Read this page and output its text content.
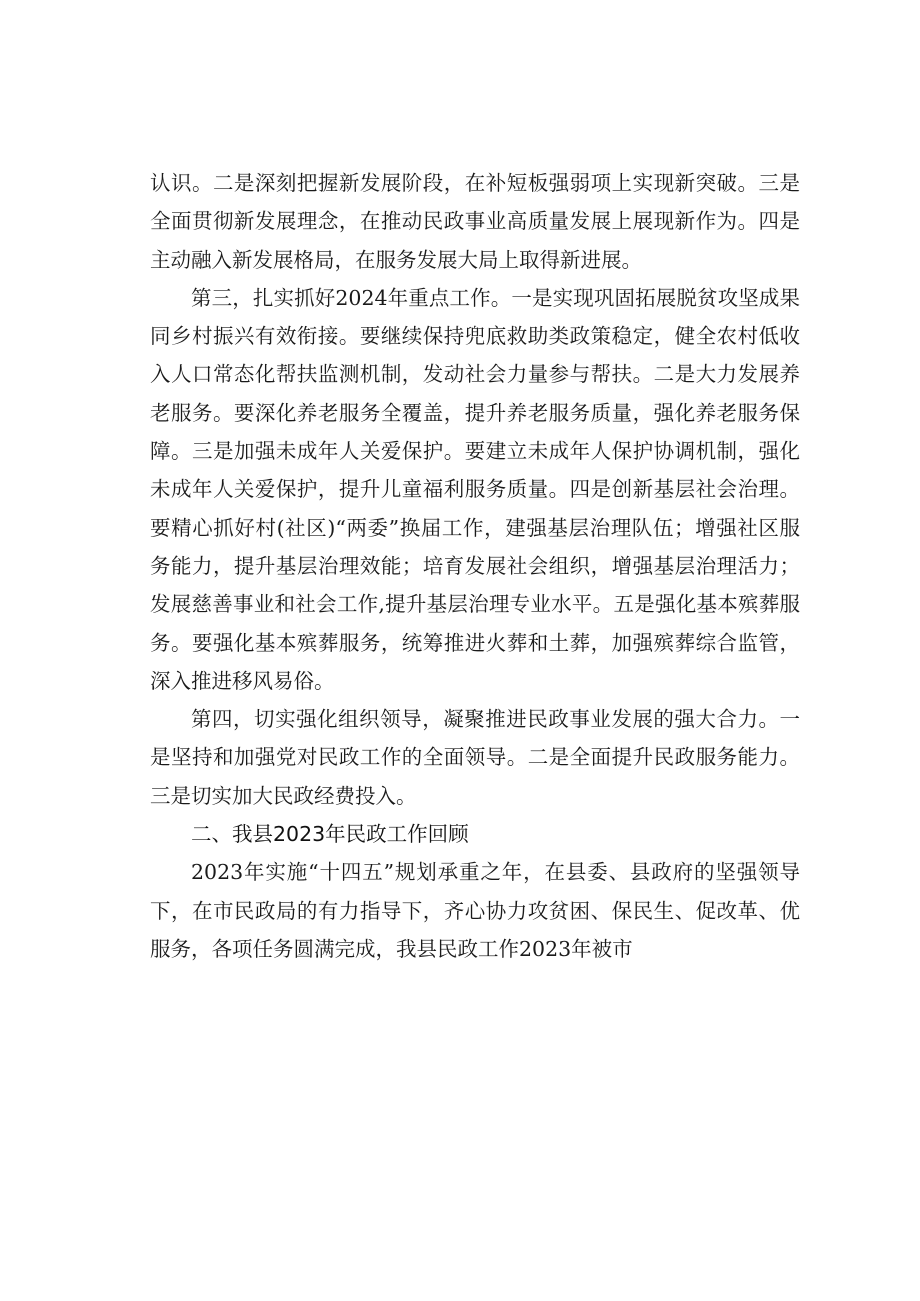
认识。二是深刻把握新发展阶段，在补短板强弱项上实现新突破。三是全面贯彻新发展理念，在推动民政事业高质量发展上展现新作为。四是主动融入新发展格局，在服务发展大局上取得新进展。

第三，扎实抓好2024年重点工作。一是实现巩固拓展脱贫攻坚成果同乡村振兴有效衔接。要继续保持兜底救助类政策稳定，健全农村低收入人口常态化帮扶监测机制，发动社会力量参与帮扶。二是大力发展养老服务。要深化养老服务全覆盖，提升养老服务质量，强化养老服务保障。三是加强未成年人关爱保护。要建立未成年人保护协调机制，强化未成年人关爱保护，提升儿童福利服务质量。四是创新基层社会治理。要精心抓好村(社区)“两委”换届工作，建强基层治理队伍；增强社区服务能力，提升基层治理效能；培育发展社会组织，增强基层治理活力；发展慈善事业和社会工作,提升基层治理专业水平。五是强化基本殡葬服务。要强化基本殡葬服务，统筹推进火葬和土葬，加强殡葬综合监管，深入推进移风易俗。

第四，切实强化组织领导，凝聚推进民政事业发展的强大合力。一是坚持和加强党对民政工作的全面领导。二是全面提升民政服务能力。三是切实加大民政经费投入。

二、我县2023年民政工作回顾

2023年实施“十四五”规划承重之年，在县委、县政府的坚强领导下，在市民政局的有力指导下，齐心协力攻贫困、保民生、促改革、优服务，各项任务圆满完成，我县民政工作2023年被市
